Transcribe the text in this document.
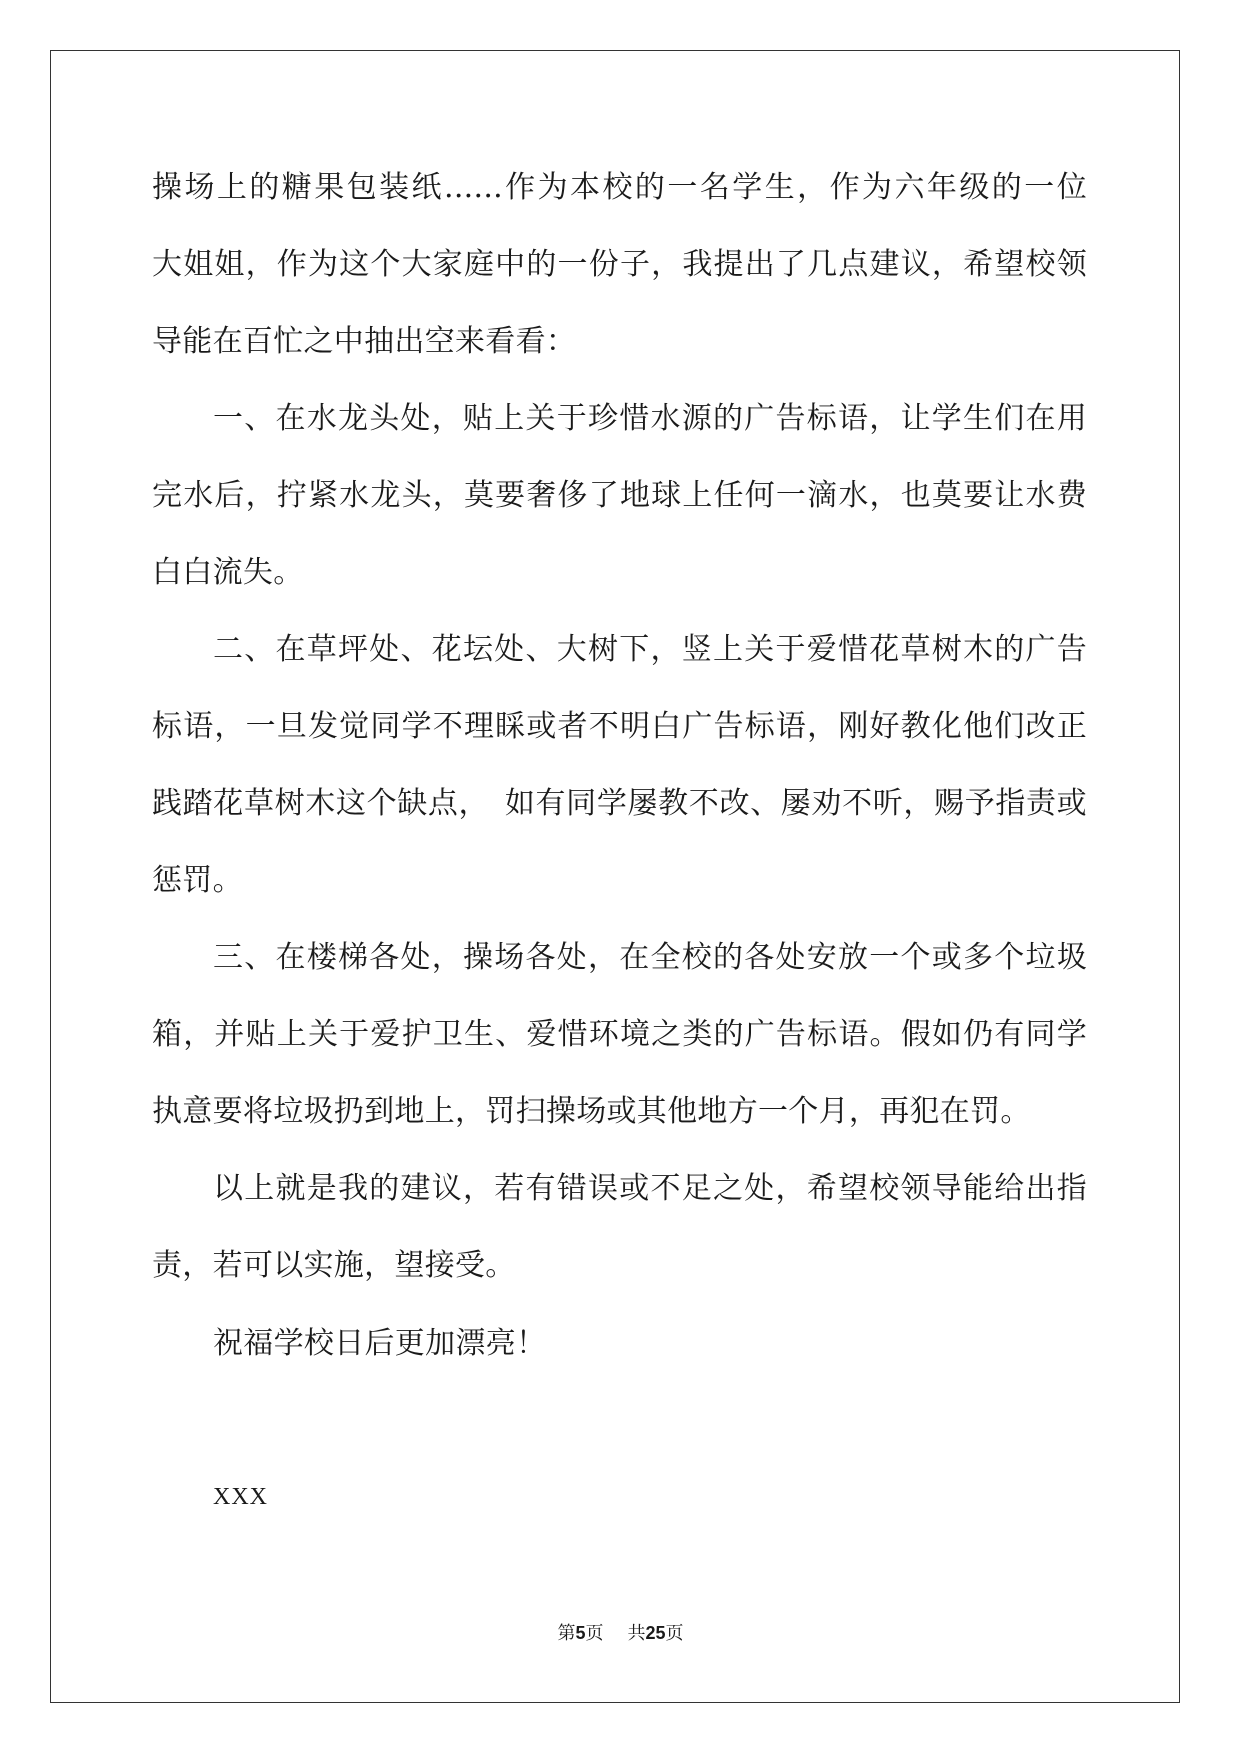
操场上的糖果包装纸......作为本校的一名学生，作为六年级的一位
大姐姐，作为这个大家庭中的一份子，我提出了几点建议，希望校领
导能在百忙之中抽出空来看看：
一、在水龙头处，贴上关于珍惜水源的广告标语，让学生们在用
完水后，拧紧水龙头，莫要奢侈了地球上任何一滴水，也莫要让水费
白白流失。
二、在草坪处、花坛处、大树下，竖上关于爱惜花草树木的广告
标语，一旦发觉同学不理睬或者不明白广告标语，刚好教化他们改正
践踏花草树木这个缺点，　如有同学屡教不改、屡劝不听，赐予指责或
惩罚。
三、在楼梯各处，操场各处，在全校的各处安放一个或多个垃圾
箱，并贴上关于爱护卫生、爱惜环境之类的广告标语。假如仍有同学
执意要将垃圾扔到地上，罚扫操场或其他地方一个月，再犯在罚。
以上就是我的建议，若有错误或不足之处，希望校领导能给出指
责，若可以实施，望接受。
祝福学校日后更加漂亮！
XXX
第5页 共25页
